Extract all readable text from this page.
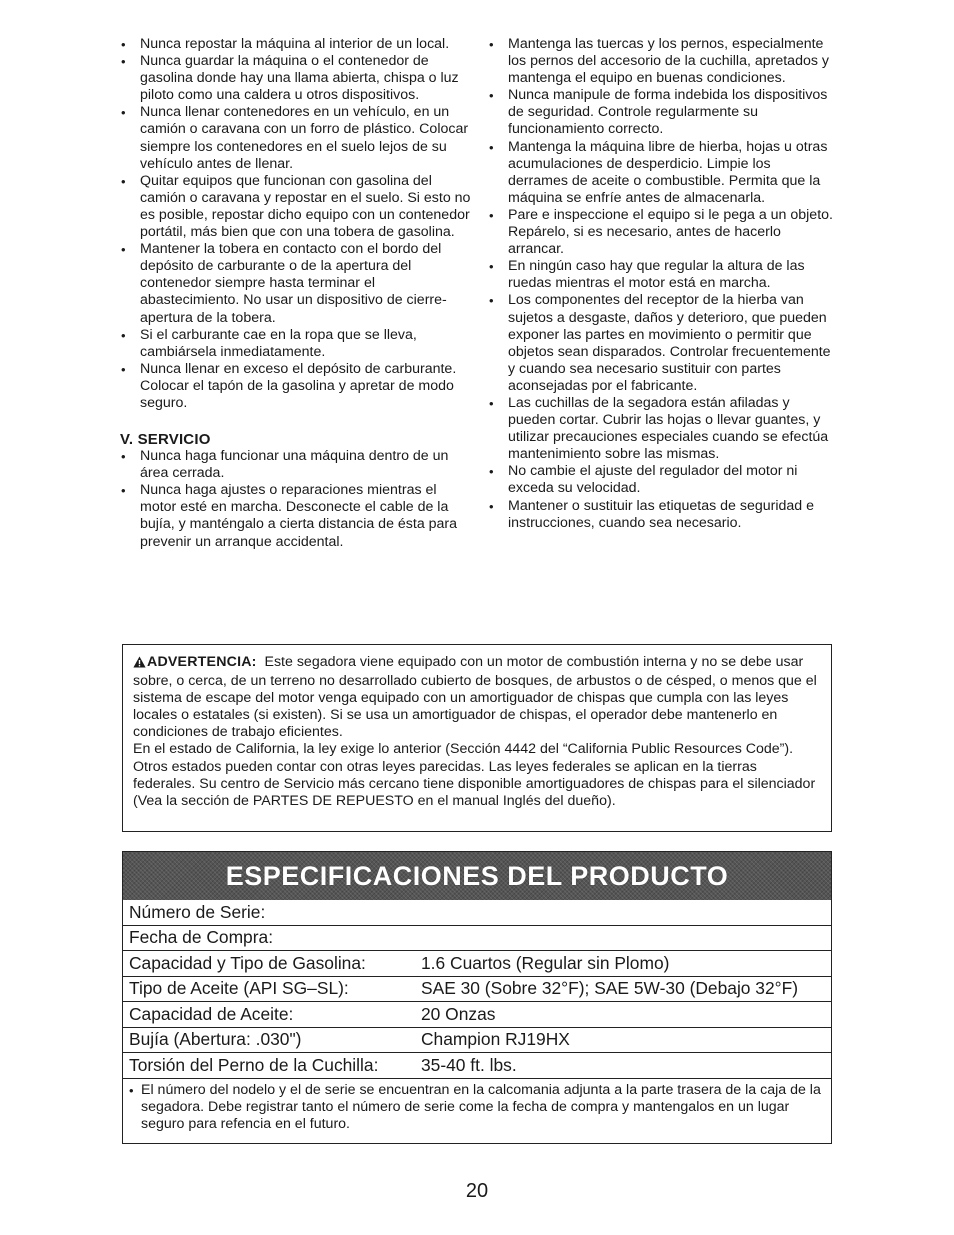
• Nunca repostar la máquina al interior de un local.
• Nunca guardar la máquina o el contenedor de gasolina donde hay una llama abierta, chispa o luz piloto como una caldera u otros dispositivos.
• Nunca llenar contenedores en un vehículo, en un camión o caravana con un forro de plástico. Colocar siempre los contenedores en el suelo lejos de su vehículo antes de llenar.
• Quitar equipos que funcionan con gasolina del camión o caravana y repostar en el suelo. Si esto no es posible, repostar dicho equipo con un contenedor portátil, más bien que con una tobera de gasolina.
• Mantener la tobera en contacto con el bordo del depósito de carburante o de la apertura del contenedor siempre hasta terminar el abastecimiento. No usar un dispositivo de cierre-apertura de la tobera.
• Si el carburante cae en la ropa que se lleva, cambiársela inmediatamente.
• Nunca llenar en exceso el depósito de carburante. Colocar el tapón de la gasolina y apretar de modo seguro.
V. SERVICIO
• Nunca haga funcionar una máquina dentro de un área cerrada.
• Nunca haga ajustes o reparaciones mientras el motor esté en marcha. Desconecte el cable de la bujía, y manténgalo a cierta distancia de ésta para prevenir un arranque accidental.
• Mantenga las tuercas y los pernos, especialmente los pernos del accesorio de la cuchilla, apretados y mantenga el equipo en buenas condiciones.
• Nunca manipule de forma indebida los dispositivos de seguridad. Controle regularmente su funcionamiento correcto.
• Mantenga la máquina libre de hierba, hojas u otras acumulaciones de desperdicio. Limpie los derrames de aceite o combustible. Permita que la máquina se enfríe antes de almacenarla.
• Pare e inspeccione el equipo si le pega a un objeto. Repárelo, si es necesario, antes de hacerlo arrancar.
• En ningún caso hay que regular la altura de las ruedas mientras el motor está en marcha.
• Los componentes del receptor de la hierba van sujetos a desgaste, daños y deterioro, que pueden exponer las partes en movimiento o permitir que objetos sean disparados. Controlar frecuentemente y cuando sea necesario sustituir con partes aconsejadas por el fabricante.
• Las cuchillas de la segadora están afiladas y pueden cortar. Cubrir las hojas o llevar guantes, y utilizar precauciones especiales cuando se efectúa mantenimiento sobre las mismas.
• No cambie el ajuste del regulador del motor ni exceda su velocidad.
• Mantener o sustituir las etiquetas de seguridad e instrucciones, cuando sea necesario.

ADVERTENCIA: Este segadora viene equipado con un motor de combustión interna y no se debe usar sobre, o cerca, de un terreno no desarrollado cubierto de bosques, de arbustos o de césped, o menos que el sistema de escape del motor venga equipado con un amortiguador de chispas que cumpla con las leyes locales o estatales (si existen). Si se usa un amortiguador de chispas, el operador debe mantenerlo en condiciones de trabajo eficientes.

En el estado de California, la ley exige lo anterior (Sección 4442 del “California Public Resources Code”). Otros estados pueden contar con otras leyes parecidas. Las leyes federales se aplican en la tierras federales. Su centro de Servicio más cercano tiene disponible amortiguadores de chispas para el silenciador (Vea la sección de PARTES DE REPUESTO en el manual Inglés del dueño).

ESPECIFICACIONES DEL PRODUCTO
Número de Serie:
Fecha de Compra:
Capacidad y Tipo de Gasolina:	1.6 Cuartos (Regular sin Plomo)
Tipo de Aceite (API SG–SL):	SAE 30 (Sobre 32°F); SAE 5W-30 (Debajo 32°F)
Capacidad de Aceite:	20 Onzas
Bujía (Abertura: .030")	Champion RJ19HX
Torsión del Perno de la Cuchilla:	35-40 ft. lbs.
• El número del nodelo y el de serie se encuentran en la calcomania adjunta a la parte trasera de la caja de la segadora. Debe registrar tanto el número de serie come la fecha de compra y mantengalos en un lugar seguro para refencia en el futuro.
20
